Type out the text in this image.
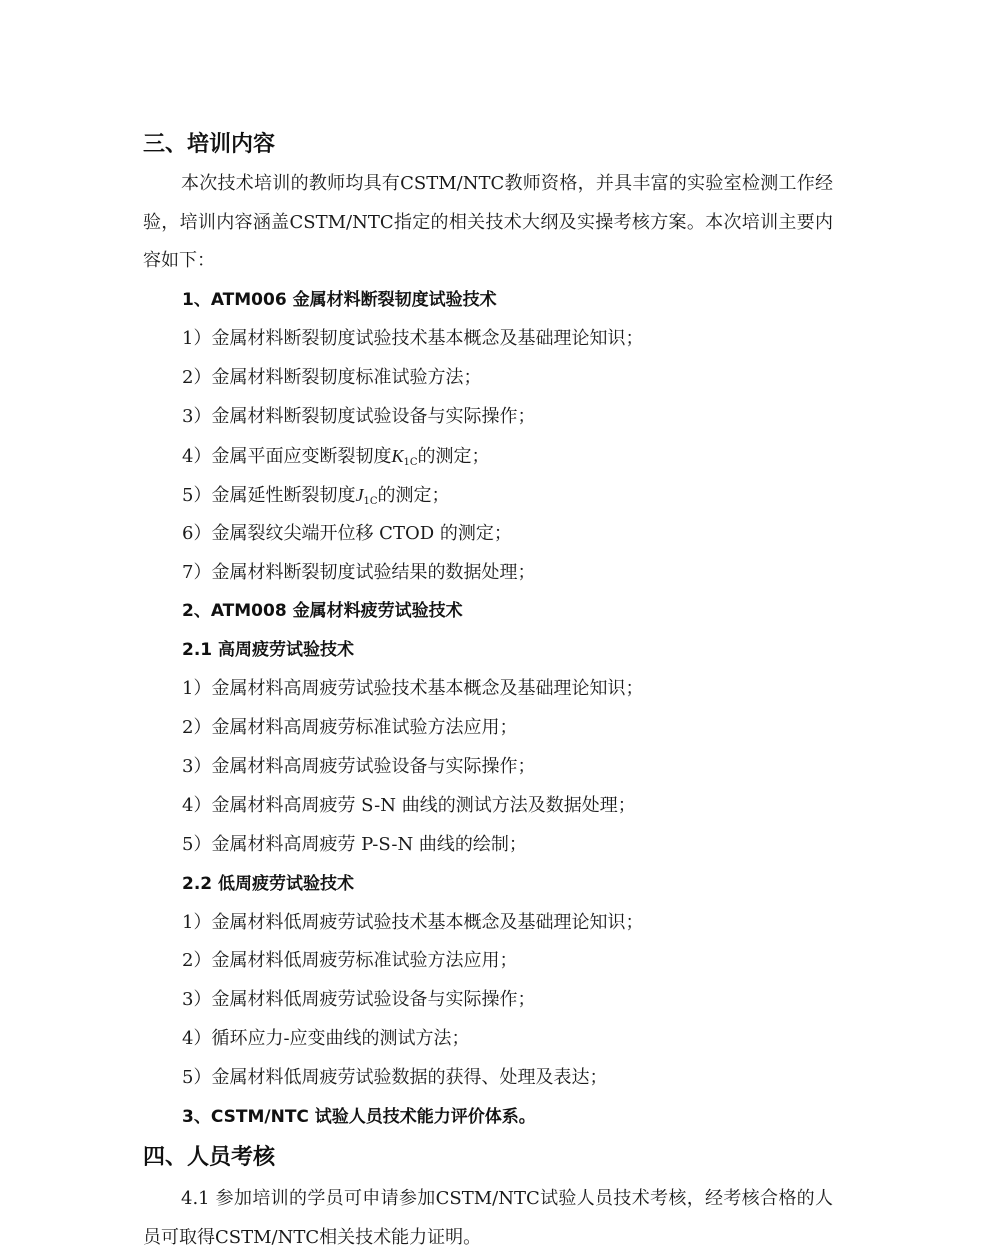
三、培训内容
本次技术培训的教师均具有CSTM/NTC教师资格，并具丰富的实验室检测工作经验，培训内容涵盖CSTM/NTC指定的相关技术大纲及实操考核方案。本次培训主要内容如下：
1、ATM006 金属材料断裂韧度试验技术
1）金属材料断裂韧度试验技术基本概念及基础理论知识；
2）金属材料断裂韧度标准试验方法；
3）金属材料断裂韧度试验设备与实际操作；
4）金属平面应变断裂韧度$K_{1C}$的测定；
5）金属延性断裂韧度$J_{1C}$的测定；
6）金属裂纹尖端开位移 CTOD 的测定；
7）金属材料断裂韧度试验结果的数据处理；
2、ATM008 金属材料疲劳试验技术
2.1 高周疲劳试验技术
1）金属材料高周疲劳试验技术基本概念及基础理论知识；
2）金属材料高周疲劳标准试验方法应用；
3）金属材料高周疲劳试验设备与实际操作；
4）金属材料高周疲劳 S-N 曲线的测试方法及数据处理；
5）金属材料高周疲劳 P-S-N 曲线的绘制；
2.2 低周疲劳试验技术
1）金属材料低周疲劳试验技术基本概念及基础理论知识；
2）金属材料低周疲劳标准试验方法应用；
3）金属材料低周疲劳试验设备与实际操作；
4）循环应力-应变曲线的测试方法；
5）金属材料低周疲劳试验数据的获得、处理及表达；
3、CSTM/NTC 试验人员技术能力评价体系。
四、人员考核
4.1 参加培训的学员可申请参加CSTM/NTC试验人员技术考核，经考核合格的人员可取得CSTM/NTC相关技术能力证明。
